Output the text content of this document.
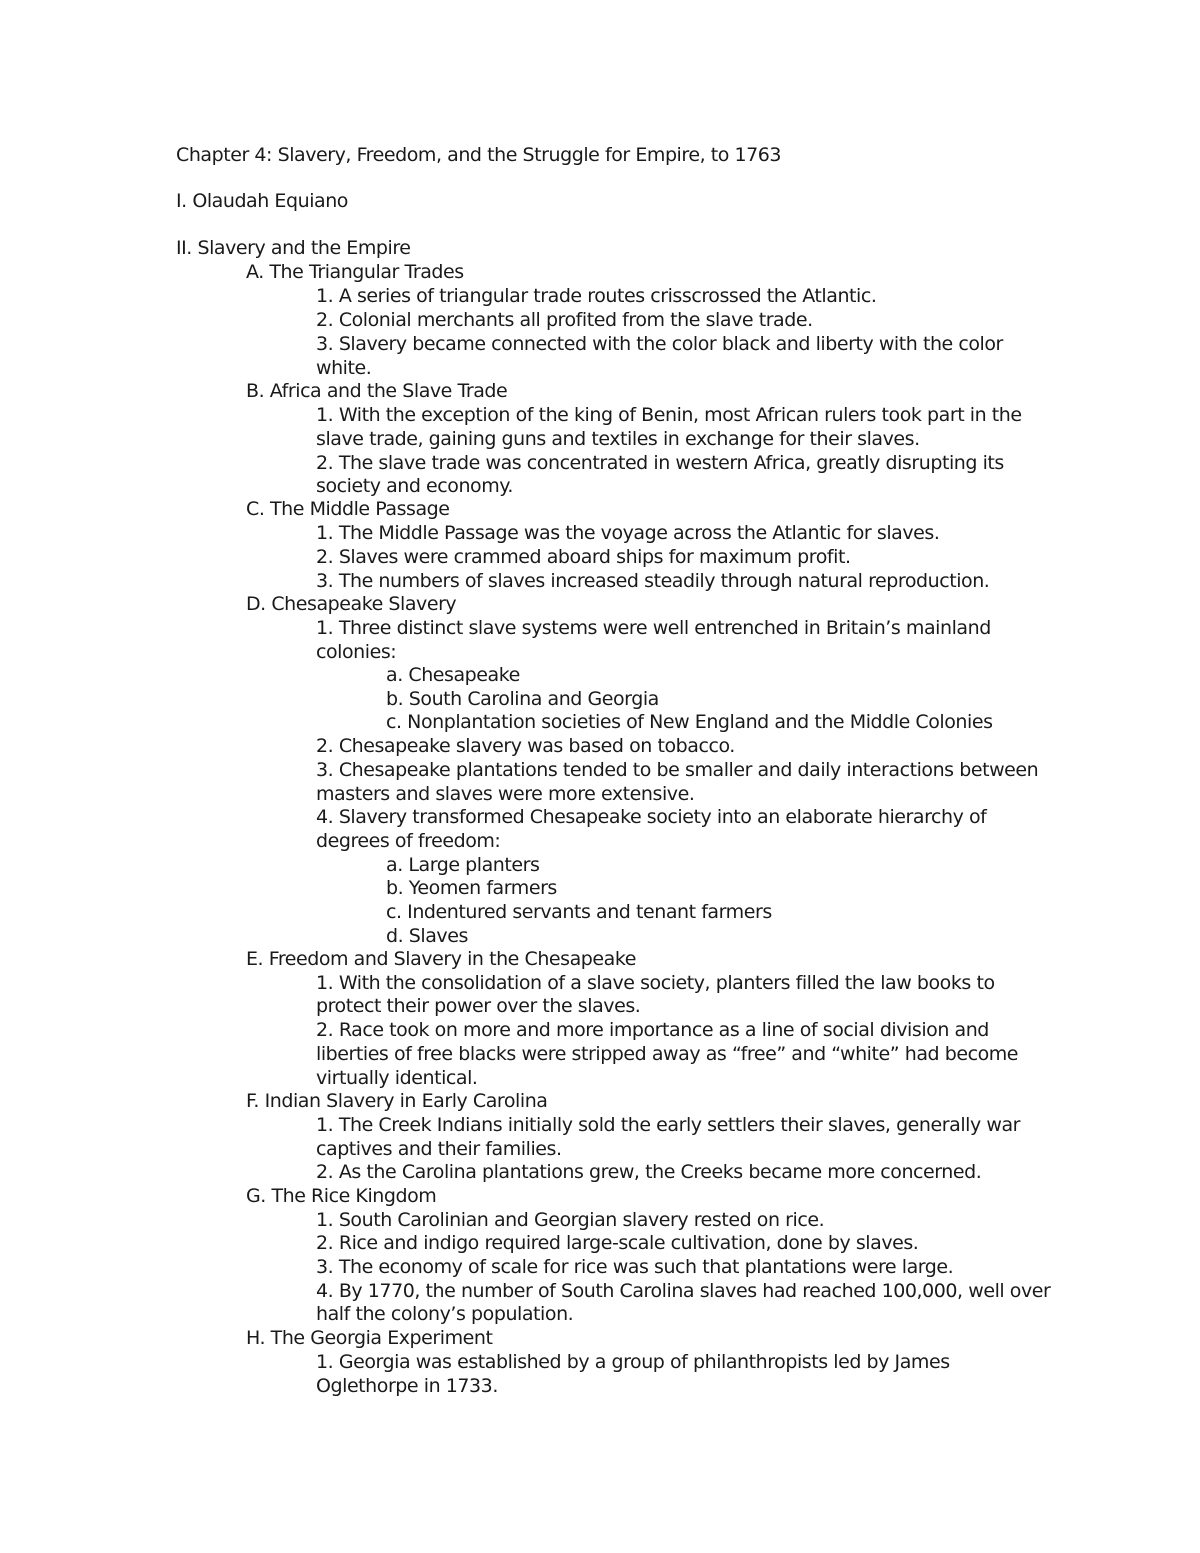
Chapter 4: Slavery, Freedom, and the Struggle for Empire, to 1763
I. Olaudah Equiano
II. Slavery and the Empire
A. The Triangular Trades
1. A series of triangular trade routes crisscrossed the Atlantic.
2. Colonial merchants all profited from the slave trade.
3. Slavery became connected with the color black and liberty with the color
white.
B. Africa and the Slave Trade
1. With the exception of the king of Benin, most African rulers took part in the
slave trade, gaining guns and textiles in exchange for their slaves.
2. The slave trade was concentrated in western Africa, greatly disrupting its
society and economy.
C. The Middle Passage
1. The Middle Passage was the voyage across the Atlantic for slaves.
2. Slaves were crammed aboard ships for maximum profit.
3. The numbers of slaves increased steadily through natural reproduction.
D. Chesapeake Slavery
1. Three distinct slave systems were well entrenched in Britain’s mainland
colonies:
a. Chesapeake
b. South Carolina and Georgia
c. Nonplantation societies of New England and the Middle Colonies
2. Chesapeake slavery was based on tobacco.
3. Chesapeake plantations tended to be smaller and daily interactions between
masters and slaves were more extensive.
4. Slavery transformed Chesapeake society into an elaborate hierarchy of
degrees of freedom:
a. Large planters
b. Yeomen farmers
c. Indentured servants and tenant farmers
d. Slaves
E. Freedom and Slavery in the Chesapeake
1. With the consolidation of a slave society, planters filled the law books to
protect their power over the slaves.
2. Race took on more and more importance as a line of social division and
liberties of free blacks were stripped away as “free” and “white” had become
virtually identical.
F. Indian Slavery in Early Carolina
1. The Creek Indians initially sold the early settlers their slaves, generally war
captives and their families.
2. As the Carolina plantations grew, the Creeks became more concerned.
G. The Rice Kingdom
1. South Carolinian and Georgian slavery rested on rice.
2. Rice and indigo required large-scale cultivation, done by slaves.
3. The economy of scale for rice was such that plantations were large.
4. By 1770, the number of South Carolina slaves had reached 100,000, well over
half the colony’s population.
H. The Georgia Experiment
1. Georgia was established by a group of philanthropists led by James
Oglethorpe in 1733.
